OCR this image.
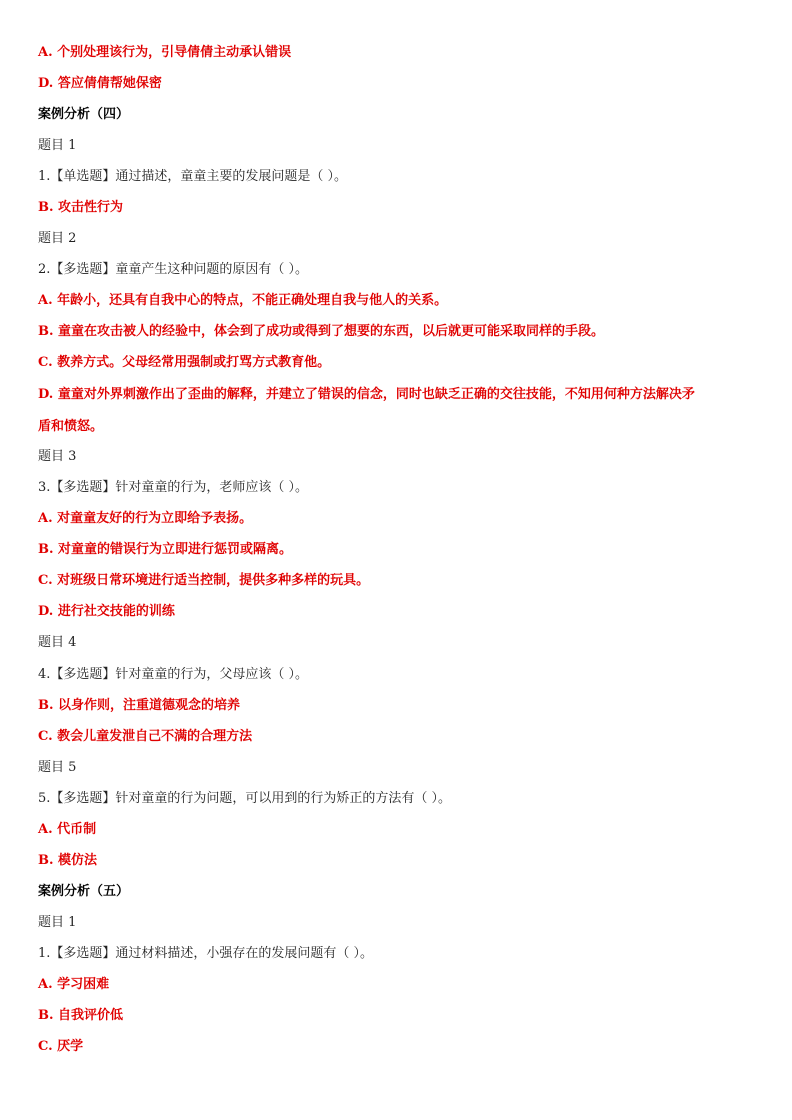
A. 个别处理该行为，引导倩倩主动承认错误
D. 答应倩倩帮她保密
案例分析（四）
题目 1
1.【单选题】通过描述，童童主要的发展问题是（ ）。
B. 攻击性行为
题目 2
2.【多选题】童童产生这种问题的原因有（ ）。
A. 年龄小，还具有自我中心的特点，不能正确处理自我与他人的关系。
B. 童童在攻击被人的经验中，体会到了成功或得到了想要的东西，以后就更可能采取同样的手段。
C. 教养方式。父母经常用强制或打骂方式教育他。
D. 童童对外界刺激作出了歪曲的解释，并建立了错误的信念，同时也缺乏正确的交往技能，不知用何种方法解决矛
盾和愤怒。
题目 3
3.【多选题】针对童童的行为，老师应该（ ）。
A. 对童童友好的行为立即给予表扬。
B. 对童童的错误行为立即进行惩罚或隔离。
C. 对班级日常环境进行适当控制，提供多种多样的玩具。
D. 进行社交技能的训练
题目 4
4.【多选题】针对童童的行为，父母应该（ ）。
B. 以身作则，注重道德观念的培养
C. 教会儿童发泄自己不满的合理方法
题目 5
5.【多选题】针对童童的行为问题，可以用到的行为矫正的方法有（ ）。
A. 代币制
B. 模仿法
案例分析（五）
题目 1
1.【多选题】通过材料描述，小强存在的发展问题有（ ）。
A. 学习困难
B. 自我评价低
C. 厌学
